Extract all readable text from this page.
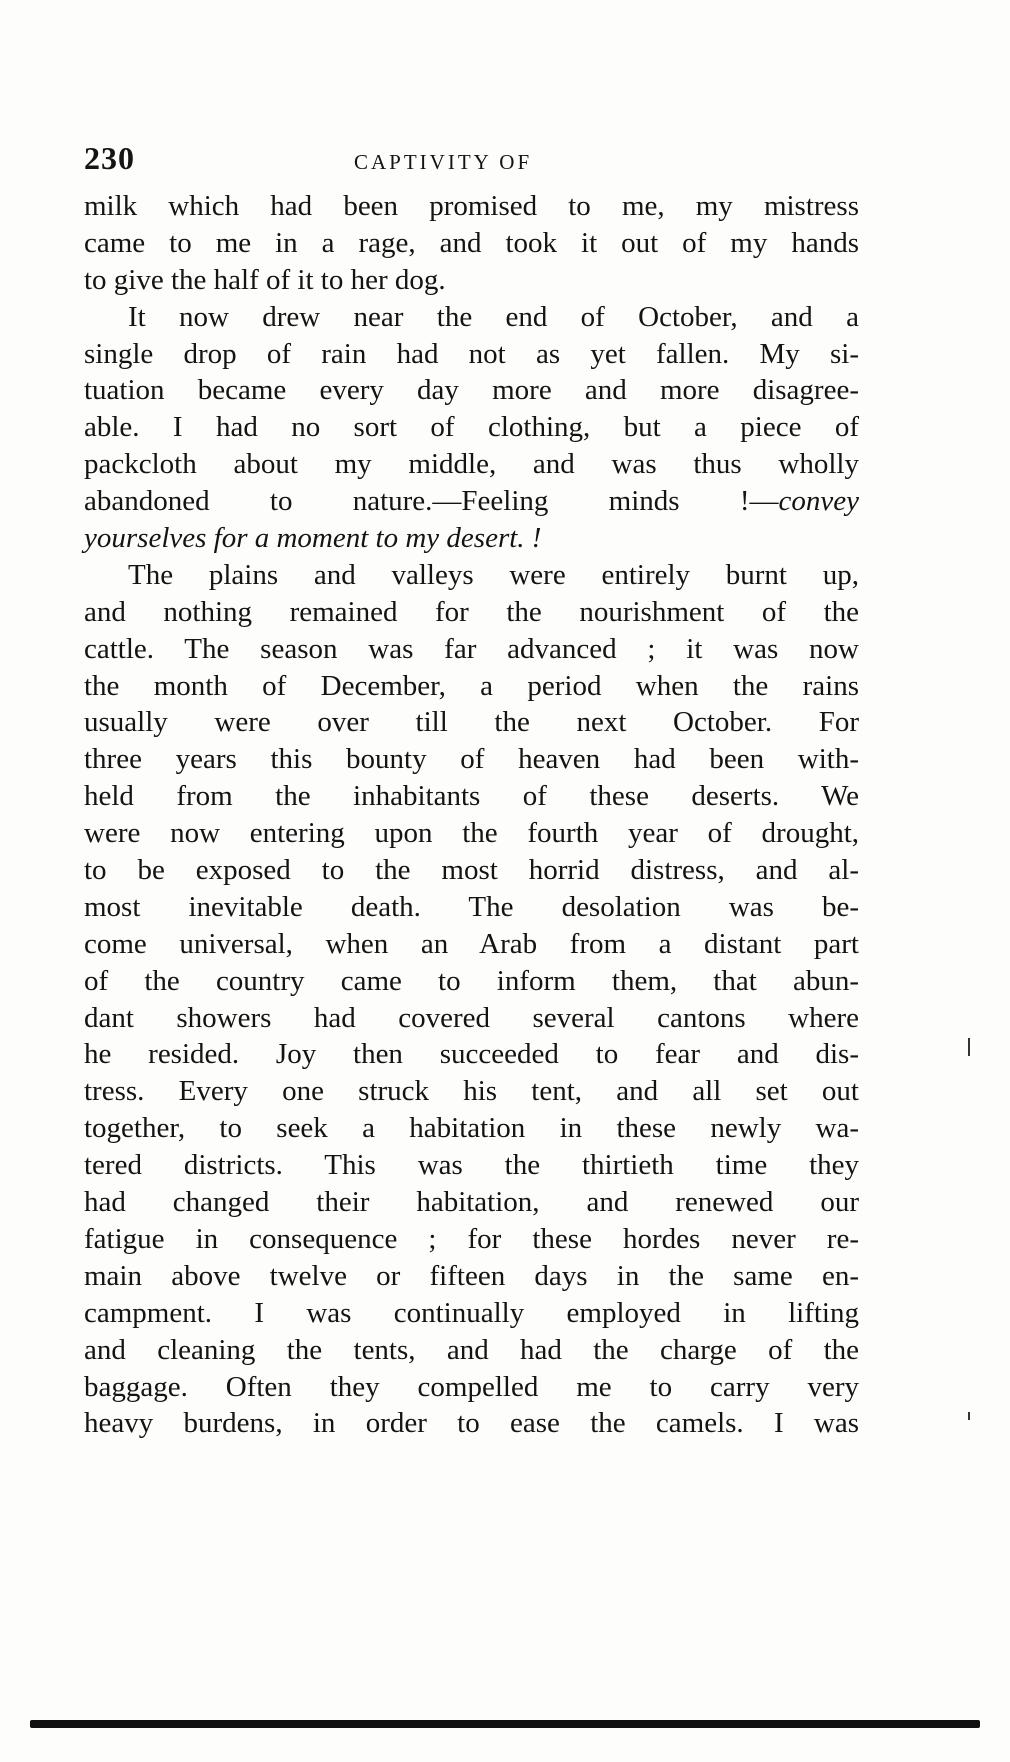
230	CAPTIVITY OF
milk which had been promised to me, my mistress
came to me in a rage, and took it out of my hands
to give the half of it to her dog.
It now drew near the end of October, and a
single drop of rain had not as yet fallen. My si-
tuation became every day more and more disagree-
able. I had no sort of clothing, but a piece of
packcloth about my middle, and was thus wholly
abandoned to nature.—Feeling minds !—convey
yourselves for a moment to my desert. !
The plains and valleys were entirely burnt up,
and nothing remained for the nourishment of the
cattle. The season was far advanced ; it was now
the month of December, a period when the rains
usually were over till the next October. For
three years this bounty of heaven had been with-
held from the inhabitants of these deserts. We
were now entering upon the fourth year of drought,
to be exposed to the most horrid distress, and al-
most inevitable death. The desolation was be-
come universal, when an Arab from a distant part
of the country came to inform them, that abun-
dant showers had covered several cantons where
he resided. Joy then succeeded to fear and dis-
tress. Every one struck his tent, and all set out
together, to seek a habitation in these newly wa-
tered districts. This was the thirtieth time they
had changed their habitation, and renewed our
fatigue in consequence ; for these hordes never re-
main above twelve or fifteen days in the same en-
campment. I was continually employed in lifting
and cleaning the tents, and had the charge of the
baggage. Often they compelled me to carry very
heavy burdens, in order to ease the camels. I was
